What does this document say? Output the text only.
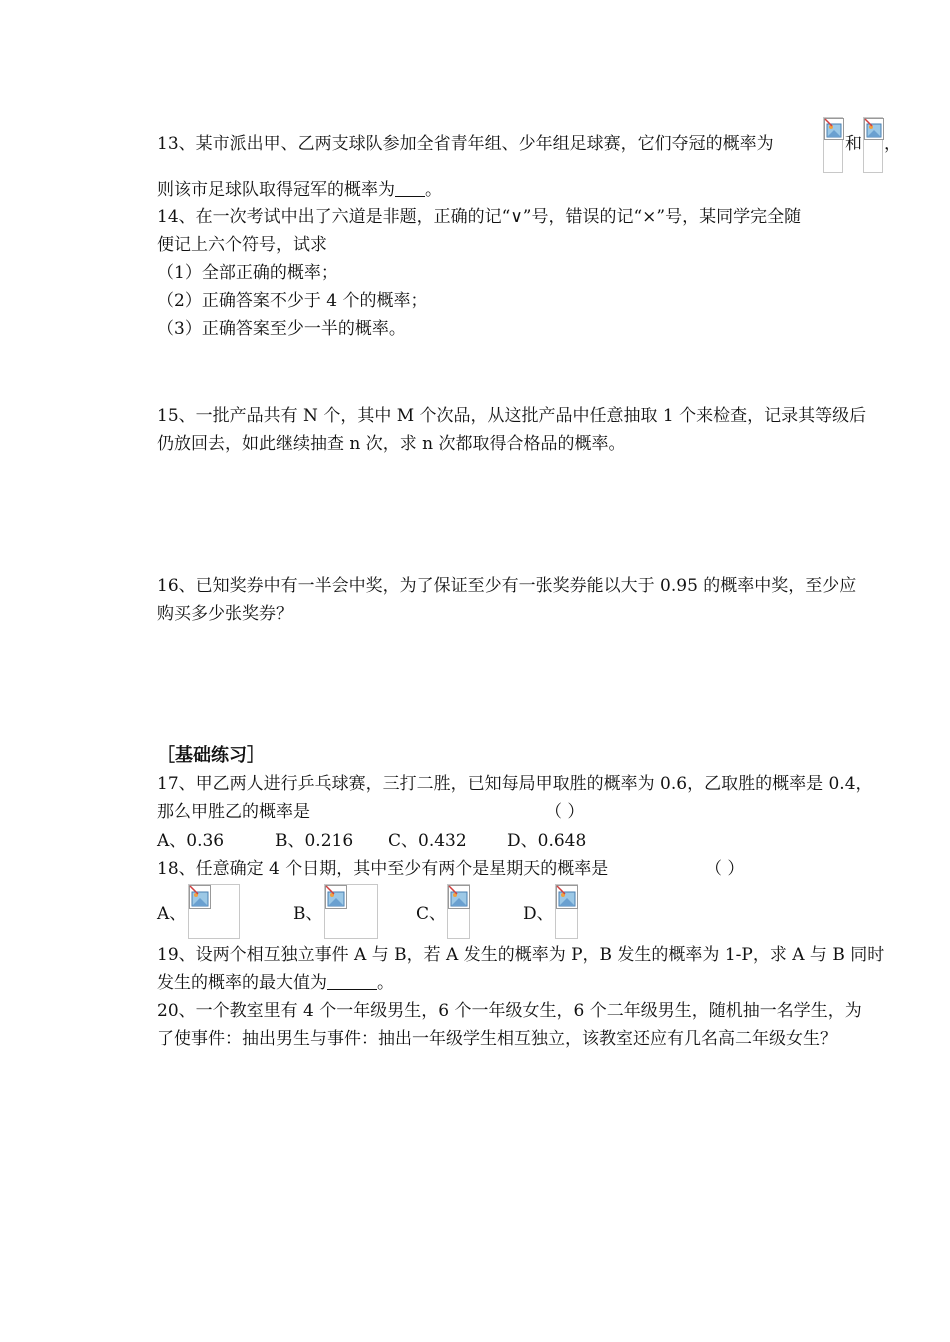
13、某市派出甲、乙两支球队参加全省青年组、少年组足球赛，它们夺冠的概率为	和 ，
则该市足球队取得冠军的概率为 。
14、在一次考试中出了六道是非题，正确的记“∨”号，错误的记“×”号，某同学完全随
便记上六个符号，试求
（1）全部正确的概率；
（2）正确答案不少于 4 个的概率；
（3）正确答案至少一半的概率。
15、一批产品共有 N 个，其中 M 个次品，从这批产品中任意抽取 1 个来检查，记录其等级后
仍放回去，如此继续抽查 n 次，求 n 次都取得合格品的概率。
16、已知奖券中有一半会中奖，为了保证至少有一张奖券能以大于 0.95 的概率中奖，至少应
购买多少张奖券？
［基础练习］
17、甲乙两人进行乒乓球赛，三打二胜，已知每局甲取胜的概率为 0.6，乙取胜的概率是 0.4，
那么甲胜乙的概率是	（ ）
A、0.36	B、0.216 C、0.432 D、0.648
18、任意确定 4 个日期，其中至少有两个是星期天的概率是	（ ）
A、	B、	C、	D、
19、设两个相互独立事件 A 与 B，若 A 发生的概率为 P，B 发生的概率为 1-P，求 A 与 B 同时
发生的概率的最大值为	。
20、一个教室里有 4 个一年级男生，6 个一年级女生，6 个二年级男生，随机抽一名学生，为
了使事件：抽出男生与事件：抽出一年级学生相互独立，该教室还应有几名高二年级女生？
